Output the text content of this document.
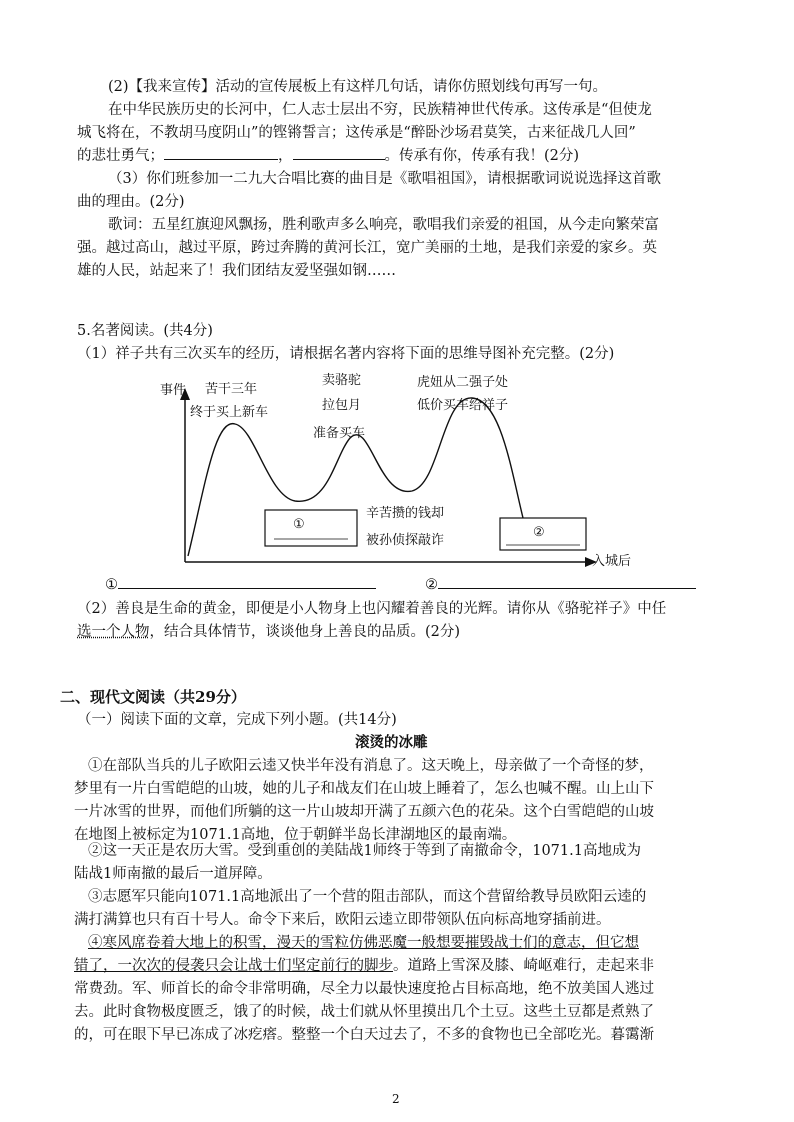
(2)【我来宣传】活动的宣传展板上有这样几句话，请你仿照划线句再写一句。
在中华民族历史的长河中，仁人志士层出不穷，民族精神世代传承。这传承是“但使龙
城飞将在，不教胡马度阴山”的铿锵誓言；这传承是“醉卧沙场君莫笑，古来征战几人回”
的悲壮勇气；	，	。传承有你，传承有我！(2分)
（3）你们班参加一二九大合唱比赛的曲目是《歌唱祖国》，请根据歌词说说选择这首歌
曲的理由。(2分)
歌词：五星红旗迎风飘扬，胜利歌声多么响亮，歌唱我们亲爱的祖国，从今走向繁荣富
强。越过高山，越过平原，跨过奔腾的黄河长江，宽广美丽的土地，是我们亲爱的家乡。英
雄的人民，站起来了！我们团结友爱坚强如钢……
5.名著阅读。(共4分)
（1）祥子共有三次买车的经历，请根据名著内容将下面的思维导图补充完整。(2分)
事件 苦干三年
终于买上新车
卖骆驼
拉包月
准备买车
虎妞从二强子处
低价买车给祥子
①
②
辛苦攒的钱却
被孙侦探敲诈
入城后
①	②
（2）善良是生命的黄金，即便是小人物身上也闪耀着善良的光辉。请你从《骆驼祥子》中任
选一个人物，结合具体情节，谈谈他身上善良的品质。(2分)
二、现代文阅读（共29分）
（一）阅读下面的文章，完成下列小题。(共14分)
滚烫的冰雕
①在部队当兵的儿子欧阳云逵又快半年没有消息了。这天晚上，母亲做了一个奇怪的梦，
梦里有一片白雪皑皑的山坡，她的儿子和战友们在山坡上睡着了，怎么也喊不醒。山上山下
一片冰雪的世界，而他们所躺的这一片山坡却开满了五颜六色的花朵。这个白雪皑皑的山坡
在地图上被标定为1071.1高地，位于朝鲜半岛长津湖地区的最南端。
②这一天正是农历大雪。受到重创的美陆战1师终于等到了南撤命令，1071.1高地成为
陆战1师南撤的最后一道屏障。
③志愿军只能向1071.1高地派出了一个营的阻击部队，而这个营留给教导员欧阳云逵的
满打满算也只有百十号人。命令下来后，欧阳云逵立即带领队伍向标高地穿插前进。
④寒风席卷着大地上的积雪，漫天的雪粒仿佛恶魔一般想要摧毁战士们的意志，但它想
错了，一次次的侵袭只会让战士们坚定前行的脚步。道路上雪深及膝、崎岖难行，走起来非
常费劲。军、师首长的命令非常明确，尽全力以最快速度抢占目标高地，绝不放美国人逃过
去。此时食物极度匮乏，饿了的时候，战士们就从怀里摸出几个土豆。这些土豆都是煮熟了
的，可在眼下早已冻成了冰疙瘩。整整一个白天过去了，不多的食物也已全部吃光。暮霭渐
2
